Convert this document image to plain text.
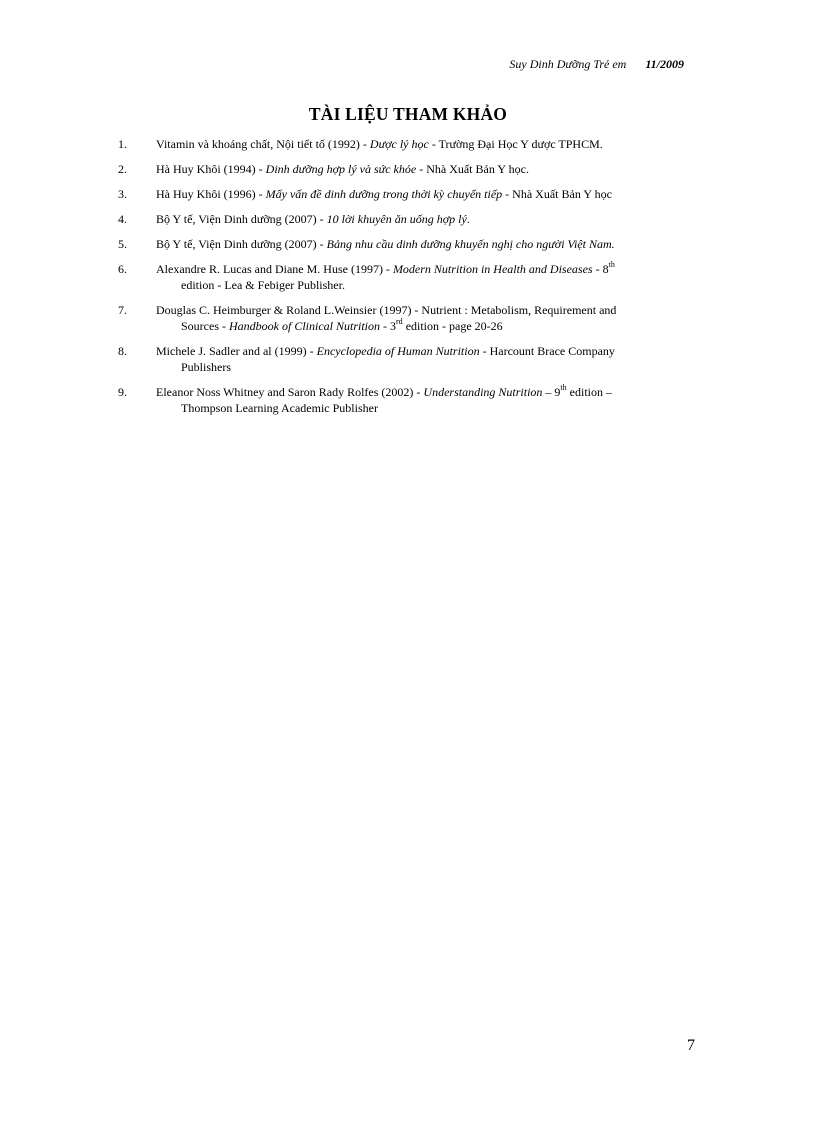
Suy Dinh Dưỡng Trẻ em 11/2009
TÀI LIỆU THAM KHẢO
1. Vitamin và khoáng chất, Nội tiết tố (1992) - Dược lý học - Trường Đại Học Y dược TPHCM.
2. Hà Huy Khôi (1994) - Dinh dưỡng hợp lý và sức khỏe - Nhà Xuất Bản Y học.
3. Hà Huy Khôi (1996) - Mấy vấn đề dinh dưỡng trong thời kỳ chuyển tiếp - Nhà Xuất Bản Y học
4. Bộ Y tế, Viện Dinh dưỡng (2007) - 10 lời khuyên ăn uống hợp lý.
5. Bộ Y tế, Viện Dinh dưỡng (2007) - Bảng nhu cầu dinh dưỡng khuyến nghị cho người Việt Nam.
6. Alexandre R. Lucas and Diane M. Huse (1997) - Modern Nutrition in Health and Diseases - 8th
edition - Lea & Febiger Publisher.
7. Douglas C. Heimburger & Roland L.Weinsier (1997) - Nutrient : Metabolism, Requirement and
Sources - Handbook of Clinical Nutrition - 3rd edition - page 20-26
8. Michele J. Sadler and al (1999) - Encyclopedia of Human Nutrition - Harcount Brace Company
Publishers
9. Eleanor Noss Whitney and Saron Rady Rolfes (2002) - Understanding Nutrition – 9th edition –
Thompson Learning Academic Publisher
7
